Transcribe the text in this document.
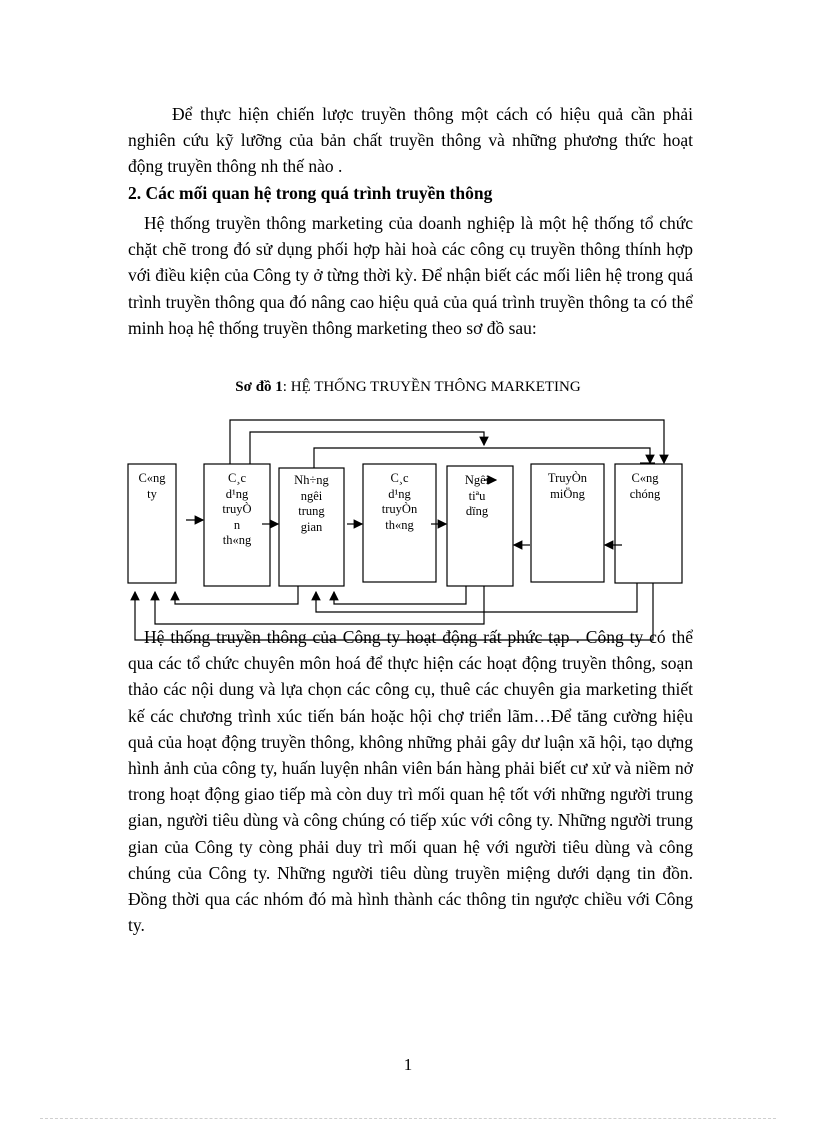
Để thực hiện chiến lược truyền thông một cách có hiệu quả cần phải nghiên cứu kỹ lưỡng của bản chất truyền thông và những phương thức hoạt động truyền thông nh thế nào .

2. Các mối quan hệ trong quá trình truyền thông

Hệ thống truyền thông marketing của doanh nghiệp là một hệ thống tổ chức chặt chẽ trong đó sử dụng phối hợp hài hoà các công cụ truyền thông thính hợp với điều kiện của Công ty ở từng thời kỳ. Để nhận biết các mối liên hệ trong quá trình truyền thông qua đó nâng cao hiệu quả của quá trình truyền thông ta có thể minh hoạ hệ thống truyền thông marketing theo sơ đồ sau:

Sơ đồ 1: HỆ THỐNG TRUYỀN THÔNG MARKETING

C«ng
ty
C¸c
d¹ng
truyÒ
n
th«ng
Nh÷ng
ngêi
trung
gian
C¸c
d¹ng
truyÒn
th«ng
Ngêi
tiªu
dïng
TruyÒn
miÖng
C«ng
chóng

Hệ thống truyền thông của Công ty hoạt động rất phức tạp . Công ty có thể qua các tổ chức chuyên môn hoá để thực hiện các hoạt động truyền thông, soạn thảo các nội dung và lựa chọn các công cụ, thuê các chuyên gia marketing thiết kế các chương trình xúc tiến bán hoặc hội chợ triển lãm…Để tăng cường hiệu quả của hoạt động truyền thông, không những phải gây dư luận xã hội, tạo dựng hình ảnh của công ty, huấn luyện nhân viên bán hàng phải biết cư xử và niềm nở trong hoạt động giao tiếp mà còn duy trì mối quan hệ tốt với những người trung gian, người tiêu dùng và công chúng có tiếp xúc với công ty. Những người trung gian của Công ty còng phải duy trì mối quan hệ với người tiêu dùng và công chúng của Công ty. Những người tiêu dùng truyền miệng dưới dạng tin đồn. Đồng thời qua các nhóm đó mà hình thành các thông tin ngược chiều với Công ty.

1
